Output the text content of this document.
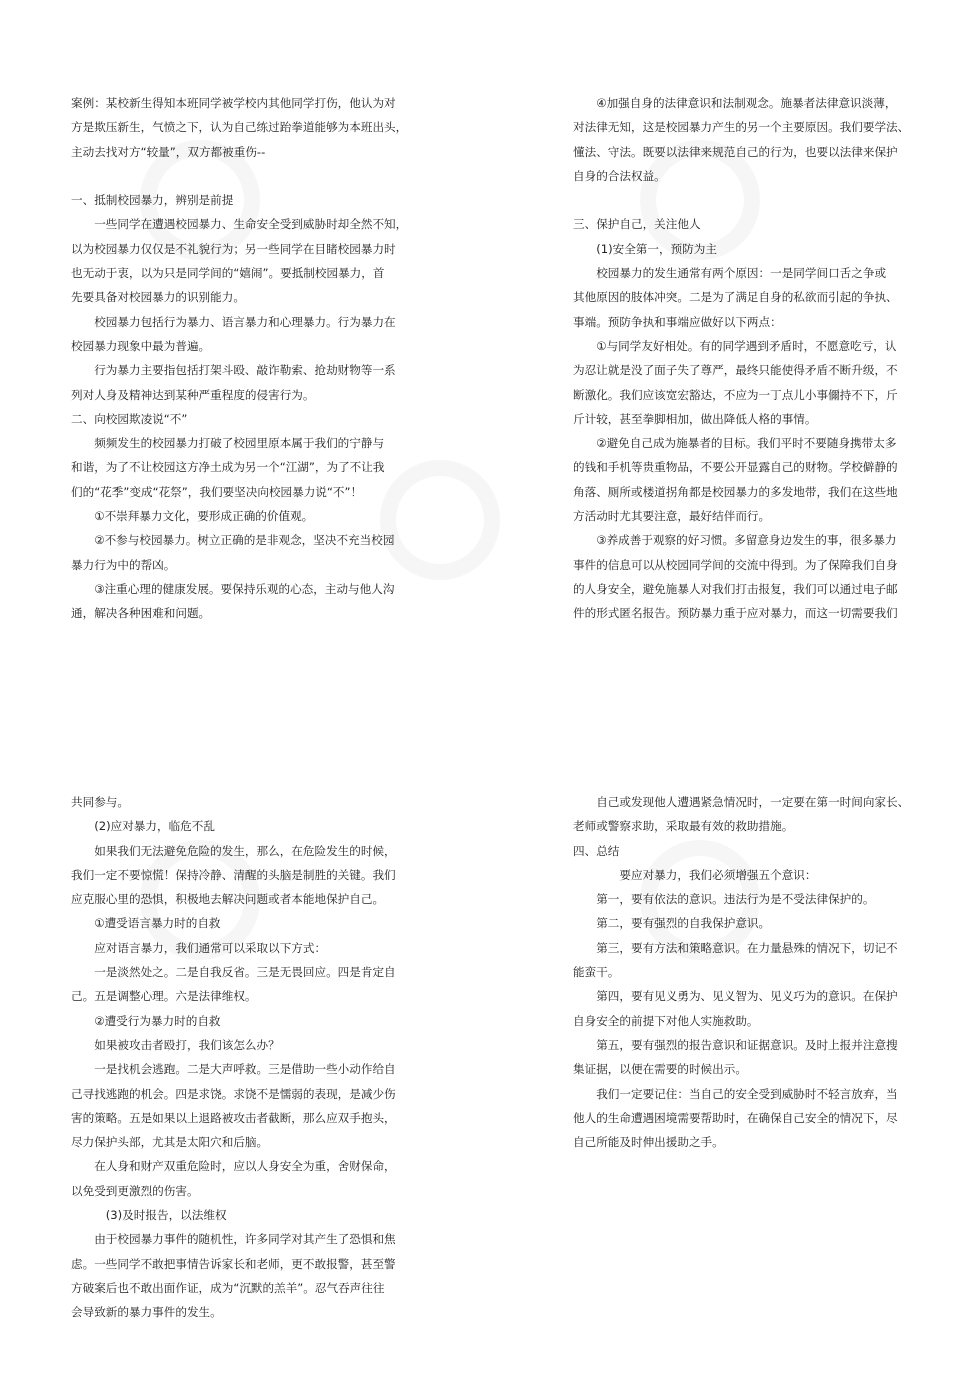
案例：某校新生得知本班同学被学校内其他同学打伤，他认为对

方是欺压新生，气愤之下，认为自己练过跆拳道能够为本班出头，

主动去找对方“较量”，双方都被重伤--

一、抵制校园暴力，辨别是前提

　　一些同学在遭遇校园暴力、生命安全受到威胁时却全然不知，

以为校园暴力仅仅是不礼貌行为；另一些同学在目睹校园暴力时

也无动于衷，以为只是同学间的“嬉闹”。要抵制校园暴力，首

先要具备对校园暴力的识别能力。

　　校园暴力包括行为暴力、语言暴力和心理暴力。行为暴力在

校园暴力现象中最为普遍。

　　行为暴力主要指包括打架斗殴、敲诈勒索、抢劫财物等一系

列对人身及精神达到某种严重程度的侵害行为。

二、向校园欺凌说“不”

　　频频发生的校园暴力打破了校园里原本属于我们的宁静与

和谐，为了不让校园这方净土成为另一个“江湖”，为了不让我

们的“花季”变成“花祭”，我们要坚决向校园暴力说“不”！

　　①不崇拜暴力文化，要形成正确的价值观。

　　②不参与校园暴力。树立正确的是非观念，坚决不充当校园

暴力行为中的帮凶。

　　③注重心理的健康发展。要保持乐观的心态，主动与他人沟

通，解决各种困难和问题。

　　④加强自身的法律意识和法制观念。施暴者法律意识淡薄，

对法律无知，这是校园暴力产生的另一个主要原因。我们要学法、

懂法、守法。既要以法律来规范自己的行为，也要以法律来保护

自身的合法权益。

三、保护自己，关注他人

　　(1)安全第一，预防为主

　　校园暴力的发生通常有两个原因：一是同学间口舌之争或

其他原因的肢体冲突。二是为了满足自身的私欲而引起的争执、

事端。预防争执和事端应做好以下两点：

　　①与同学友好相处。有的同学遇到矛盾时，不愿意吃亏，认

为忍让就是没了面子失了尊严，最终只能使得矛盾不断升级，不

断激化。我们应该宽宏豁达，不应为一丁点儿小事儞持不下，斤

斤计较，甚至拳脚相加，做出降低人格的事情。

　　②避免自己成为施暴者的目标。我们平时不要随身携带太多

的钱和手机等贵重物品，不要公开显露自己的财物。学校僻静的

角落、厕所或楼道拐角都是校园暴力的多发地带，我们在这些地

方活动时尤其要注意，最好结伴而行。

　　③养成善于观察的好习惯。多留意身边发生的事，很多暴力

事件的信息可以从校园同学间的交流中得到。为了保障我们自身

的人身安全，避免施暴人对我们打击报复，我们可以通过电子邮

件的形式匿名报告。预防暴力重于应对暴力，而这一切需要我们

共同参与。

　　(2)应对暴力，临危不乱

　　如果我们无法避免危险的发生，那么，在危险发生的时候，

我们一定不要惊慌！保持冷静、清醒的头脑是制胜的关键。我们

应克服心里的恐惧，积极地去解决问题或者本能地保护自己。

　　①遭受语言暴力时的自救

　　应对语言暴力，我们通常可以采取以下方式：

　　一是淡然处之。二是自我反省。三是无畏回应。四是肯定自

己。五是调整心理。六是法律维权。

　　②遭受行为暴力时的自救

　　如果被攻击者殴打，我们该怎么办？

　　一是找机会逃跑。二是大声呼救。三是借助一些小动作给自

己寻找逃跑的机会。四是求饶。求饶不是懦弱的表现，是减少伤

害的策略。五是如果以上退路被攻击者截断，那么应双手抱头，

尽力保护头部，尤其是太阳穴和后脑。

　　在人身和财产双重危险时，应以人身安全为重，舍财保命，

以免受到更激烈的伤害。

　　　(3)及时报告，以法维权

　　由于校园暴力事件的随机性，许多同学对其产生了恐惧和焦

虑。一些同学不敢把事情告诉家长和老师，更不敢报警，甚至警

方破案后也不敢出面作证，成为“沉默的羔羊”。忍气吞声往往

会导致新的暴力事件的发生。

　　自己或发现他人遭遇紧急情况时，一定要在第一时间向家长、

老师或警察求助，采取最有效的救助措施。

四、总结

　　　　要应对暴力，我们必须增强五个意识：

　　第一，要有依法的意识。违法行为是不受法律保护的。

　　第二，要有强烈的自我保护意识。

　　第三，要有方法和策略意识。在力量悬殊的情况下，切记不

能蛮干。

　　第四，要有见义勇为、见义智为、见义巧为的意识。在保护

自身安全的前提下对他人实施救助。

　　第五，要有强烈的报告意识和证据意识。及时上报并注意搜

集证据，以便在需要的时候出示。

　　我们一定要记住：当自己的安全受到威胁时不轻言放弃，当

他人的生命遭遇困境需要帮助时，在确保自己安全的情况下，尽

自己所能及时伸出援助之手。
